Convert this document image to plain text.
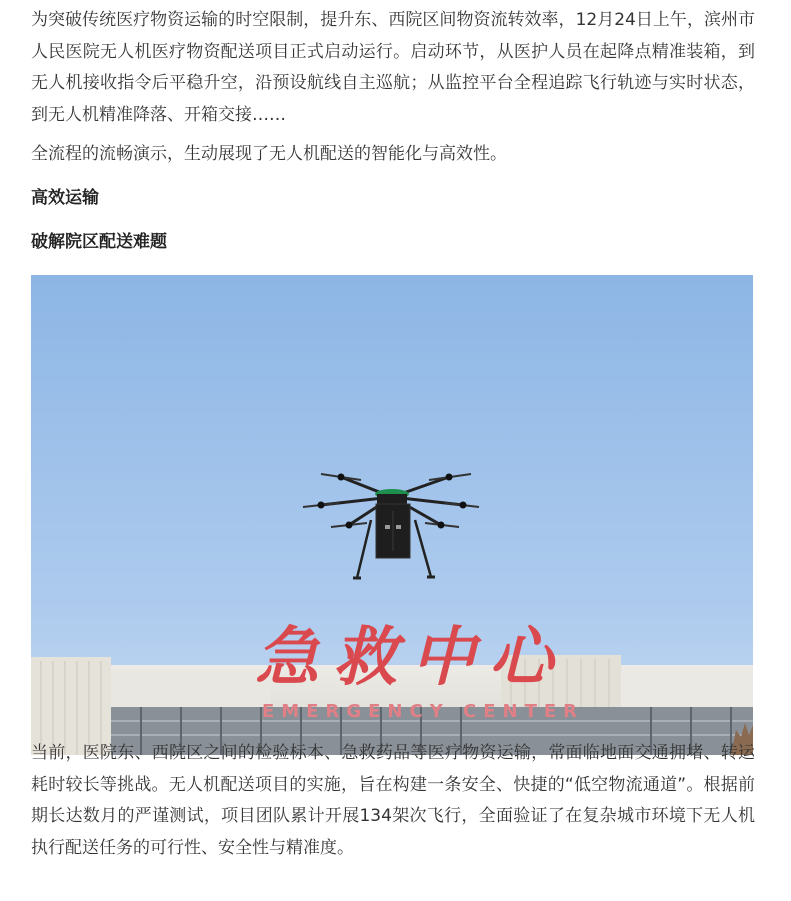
为突破传统医疗物资运输的时空限制，提升东、西院区间物资流转效率，12月24日上午，滨州市人民医院无人机医疗物资配送项目正式启动运行。启动环节，从医护人员在起降点精准装箱，到无人机接收指令后平稳升空，沿预设航线自主巡航；从监控平台全程追踪飞行轨迹与实时状态，到无人机精准降落、开箱交接……

全流程的流畅演示，生动展现了无人机配送的智能化与高效性。

高效运输

破解院区配送难题

急救中心
EMERGENCY CENTER

当前，医院东、西院区之间的检验标本、急救药品等医疗物资运输，常面临地面交通拥堵、转运耗时较长等挑战。无人机配送项目的实施，旨在构建一条安全、快捷的“低空物流通道”。根据前期长达数月的严谨测试，项目团队累计开展134架次飞行，全面验证了在复杂城市环境下无人机执行配送任务的可行性、安全性与精准度。
